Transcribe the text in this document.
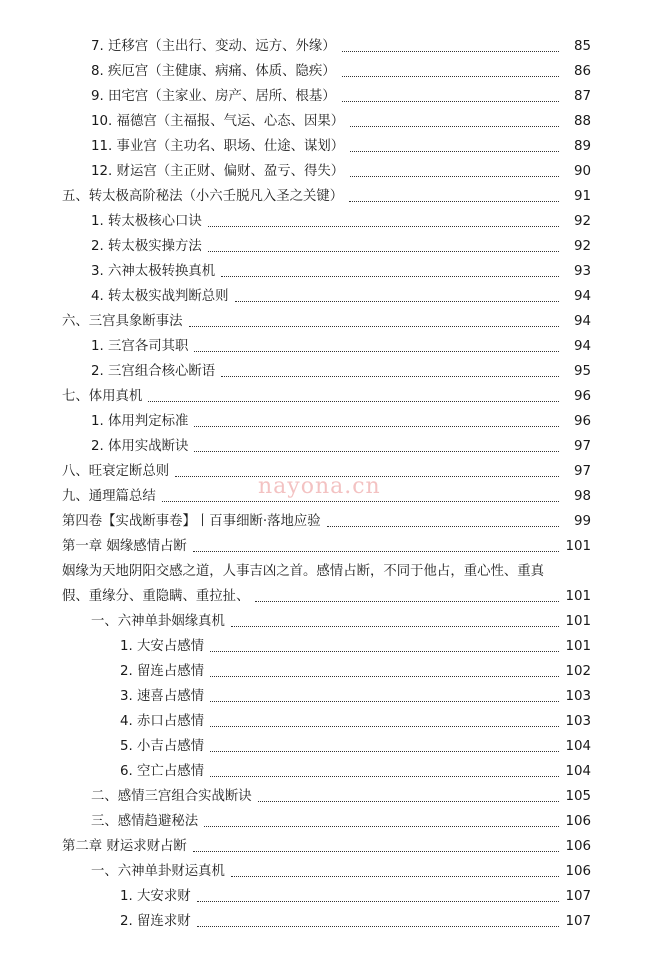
7. 迁移宫（主出行、变动、远方、外缘）	85
8. 疾厄宫（主健康、病痛、体质、隐疾）	86
9. 田宅宫（主家业、房产、居所、根基）	87
10. 福德宫（主福报、气运、心态、因果）	88
11. 事业宫（主功名、职场、仕途、谋划）	89
12. 财运宫（主正财、偏财、盈亏、得失）	90
五、转太极高阶秘法（小六壬脱凡入圣之关键）	91
1. 转太极核心口诀	92
2. 转太极实操方法	92
3. 六神太极转换真机	93
4. 转太极实战判断总则	94
六、三宫具象断事法	94
1. 三宫各司其职	94
2. 三宫组合核心断语	95
七、体用真机	96
1. 体用判定标准	96
2. 体用实战断诀	97
八、旺衰定断总则	97
九、通理篇总结	98
第四卷【实战断事卷】丨百事细断·落地应验	99
第一章 姻缘感情占断	101
姻缘为天地阴阳交感之道，人事吉凶之首。感情占断，不同于他占，重心性、重真
假、重缘分、重隐瞒、重拉扯、	101
一、六神单卦姻缘真机	101
1. 大安占感情	101
2. 留连占感情	102
3. 速喜占感情	103
4. 赤口占感情	103
5. 小吉占感情	104
6. 空亡占感情	104
二、感情三宫组合实战断诀	105
三、感情趋避秘法	106
第二章 财运求财占断	106
一、六神单卦财运真机	106
1. 大安求财	107
2. 留连求财	107
nayona.cn
